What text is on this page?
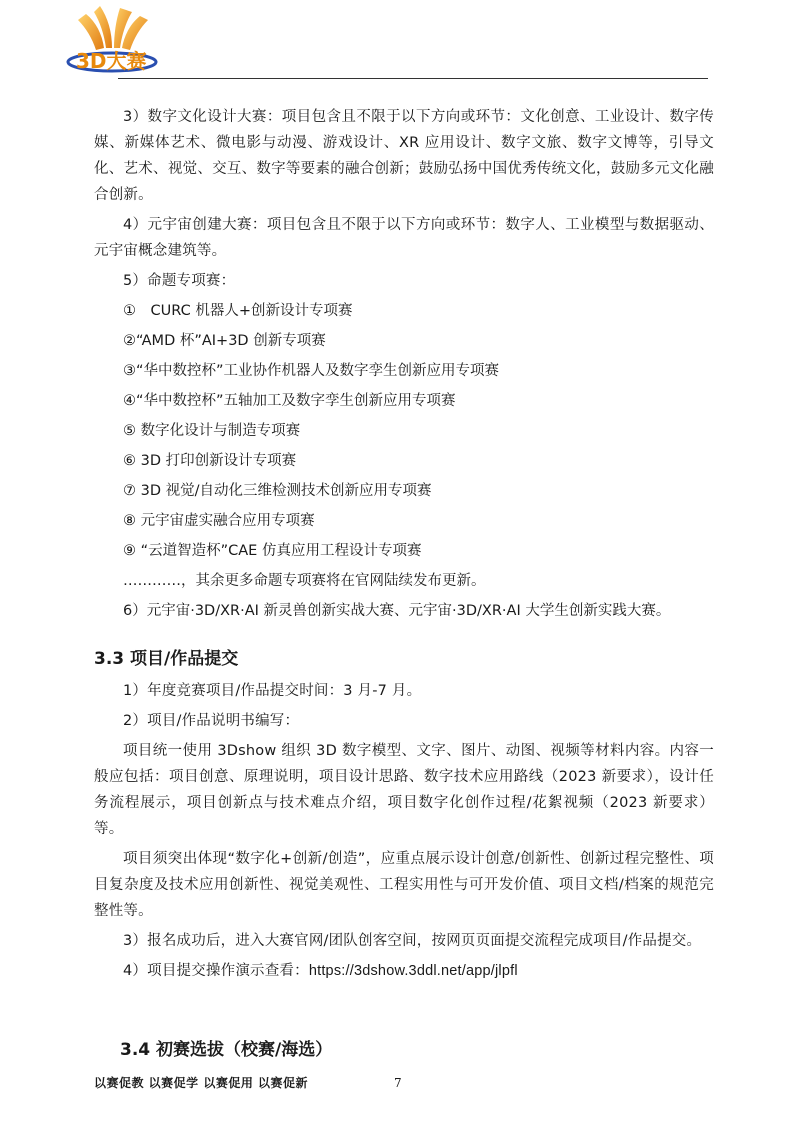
3D大赛

3）数字文化设计大赛：项目包含且不限于以下方向或环节：文化创意、工业设计、数字传媒、新媒体艺术、微电影与动漫、游戏设计、XR 应用设计、数字文旅、数字文博等，引导文化、艺术、视觉、交互、数字等要素的融合创新；鼓励弘扬中国优秀传统文化，鼓励多元文化融合创新。

4）元宇宙创建大赛：项目包含且不限于以下方向或环节：数字人、工业模型与数据驱动、元宇宙概念建筑等。

5）命题专项赛：

①　CURC 机器人+创新设计专项赛

②“AMD 杯”AI+3D 创新专项赛

③“华中数控杯”工业协作机器人及数字孪生创新应用专项赛

④“华中数控杯”五轴加工及数字孪生创新应用专项赛

⑤ 数字化设计与制造专项赛

⑥ 3D 打印创新设计专项赛

⑦ 3D 视觉/自动化三维检测技术创新应用专项赛

⑧ 元宇宙虚实融合应用专项赛

⑨ “云道智造杯”CAE 仿真应用工程设计专项赛

…………，其余更多命题专项赛将在官网陆续发布更新。

6）元宇宙·3D/XR·AI 新灵兽创新实战大赛、元宇宙·3D/XR·AI 大学生创新实践大赛。

3.3 项目/作品提交

1）年度竞赛项目/作品提交时间：3 月-7 月。

2）项目/作品说明书编写：

项目统一使用 3Dshow 组织 3D 数字模型、文字、图片、动图、视频等材料内容。内容一般应包括：项目创意、原理说明，项目设计思路、数字技术应用路线（2023 新要求），设计任务流程展示，项目创新点与技术难点介绍，项目数字化创作过程/花絮视频（2023 新要求）等。

项目须突出体现“数字化+创新/创造”，应重点展示设计创意/创新性、创新过程完整性、项目复杂度及技术应用创新性、视觉美观性、工程实用性与可开发价值、项目文档/档案的规范完整性等。

3）报名成功后，进入大赛官网/团队创客空间，按网页页面提交流程完成项目/作品提交。

4）项目提交操作演示查看：https://3dshow.3ddl.net/app/jlpfl

3.4 初赛选拔（校赛/海选）
以赛促教 以赛促学 以赛促用 以赛促新	7
